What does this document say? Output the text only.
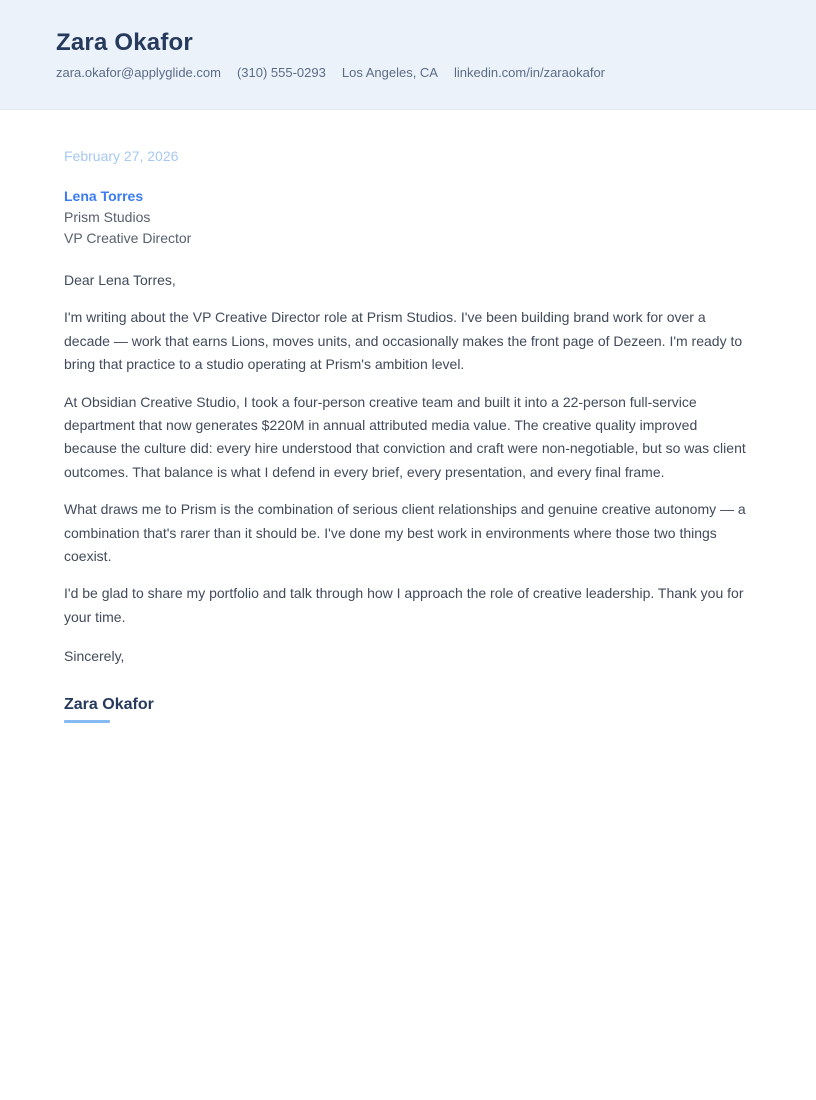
Zara Okafor
zara.okafor@applyglide.com (310) 555-0293 Los Angeles, CA linkedin.com/in/zaraokafor

February 27, 2026

Lena Torres
Prism Studios
VP Creative Director

Dear Lena Torres,

I'm writing about the VP Creative Director role at Prism Studios. I've been building brand work for over a decade — work that earns Lions, moves units, and occasionally makes the front page of Dezeen. I'm ready to bring that practice to a studio operating at Prism's ambition level.

At Obsidian Creative Studio, I took a four-person creative team and built it into a 22-person full-service department that now generates $220M in annual attributed media value. The creative quality improved because the culture did: every hire understood that conviction and craft were non-negotiable, but so was client outcomes. That balance is what I defend in every brief, every presentation, and every final frame.

What draws me to Prism is the combination of serious client relationships and genuine creative autonomy — a combination that's rarer than it should be. I've done my best work in environments where those two things coexist.

I'd be glad to share my portfolio and talk through how I approach the role of creative leadership. Thank you for your time.

Sincerely,

Zara Okafor
